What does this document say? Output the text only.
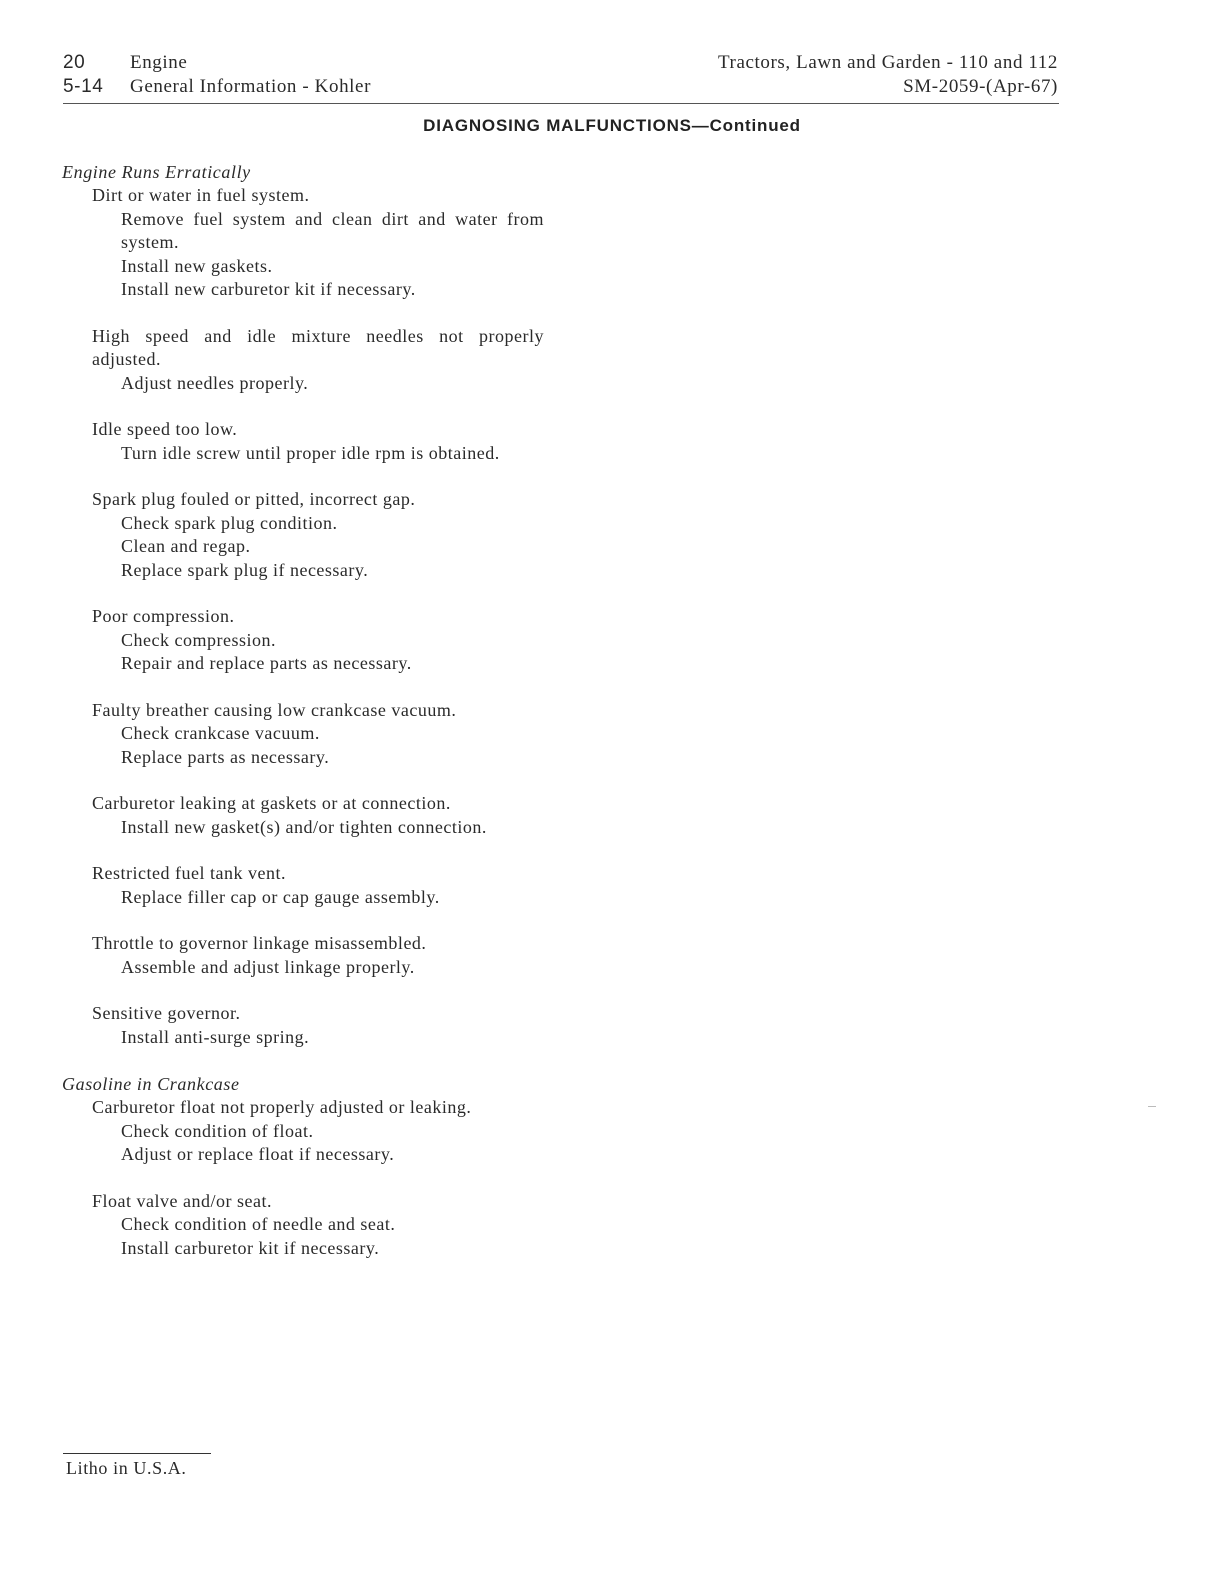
20 Engine
5-14 General Information - Kohler
Tractors, Lawn and Garden - 110 and 112
SM-2059-(Apr-67)
DIAGNOSING MALFUNCTIONS—Continued
Engine Runs Erratically
Dirt or water in fuel system.
Remove fuel system and clean dirt and water from system.
Install new gaskets.
Install new carburetor kit if necessary.
High speed and idle mixture needles not properly adjusted.
Adjust needles properly.
Idle speed too low.
Turn idle screw until proper idle rpm is obtained.
Spark plug fouled or pitted, incorrect gap.
Check spark plug condition.
Clean and regap.
Replace spark plug if necessary.
Poor compression.
Check compression.
Repair and replace parts as necessary.
Faulty breather causing low crankcase vacuum.
Check crankcase vacuum.
Replace parts as necessary.
Carburetor leaking at gaskets or at connection.
Install new gasket(s) and/or tighten connection.
Restricted fuel tank vent.
Replace filler cap or cap gauge assembly.
Throttle to governor linkage misassembled.
Assemble and adjust linkage properly.
Sensitive governor.
Install anti-surge spring.
Gasoline in Crankcase
Carburetor float not properly adjusted or leaking.
Check condition of float.
Adjust or replace float if necessary.
Float valve and/or seat.
Check condition of needle and seat.
Install carburetor kit if necessary.
Litho in U.S.A.
